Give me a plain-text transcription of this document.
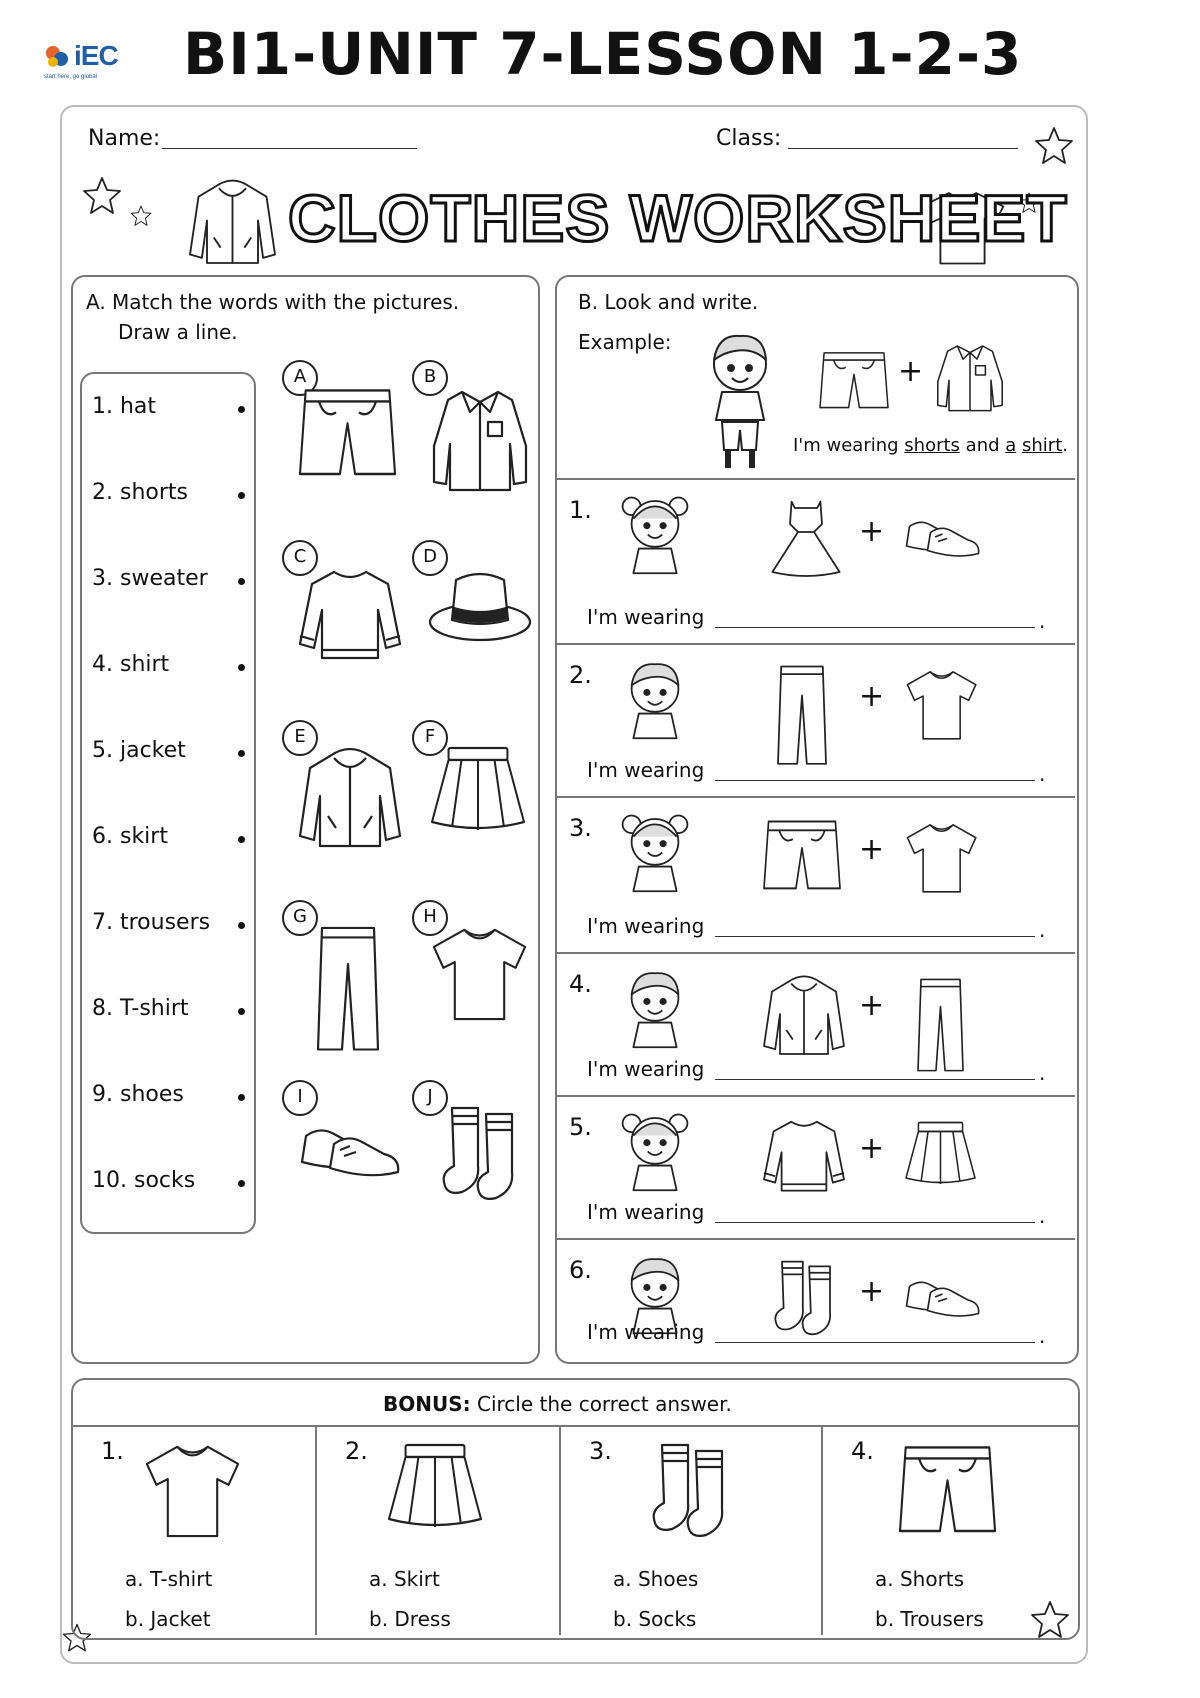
iEC
start here, go global BI1-UNIT 7-LESSON 1-2-3
Name:	Class:
CLOTHES WORKSHEET
A. Match the words with the pictures.
Draw a line.
1. hat
2. shorts
3. sweater
4. shirt
5. jacket
6. skirt
7. trousers
8. T-shirt
9. shoes
10. socks
A	B
C	D
E	F
G	H
I	J
B. Look and write.
Example:
+
I'm wearing shorts and a shirt.
1.
+
I'm wearing	.
2.
+
I'm wearing	.
3.
+
I'm wearing	.
4.
+
I'm wearing	.
5.
+
I'm wearing	.
6.
+
I'm wearing	.
BONUS: Circle the correct answer.
1.
a. T-shirt
b. Jacket
2.
a. Skirt
b. Dress
3.
a. Shoes
b. Socks
4.
a. Shorts
b. Trousers
